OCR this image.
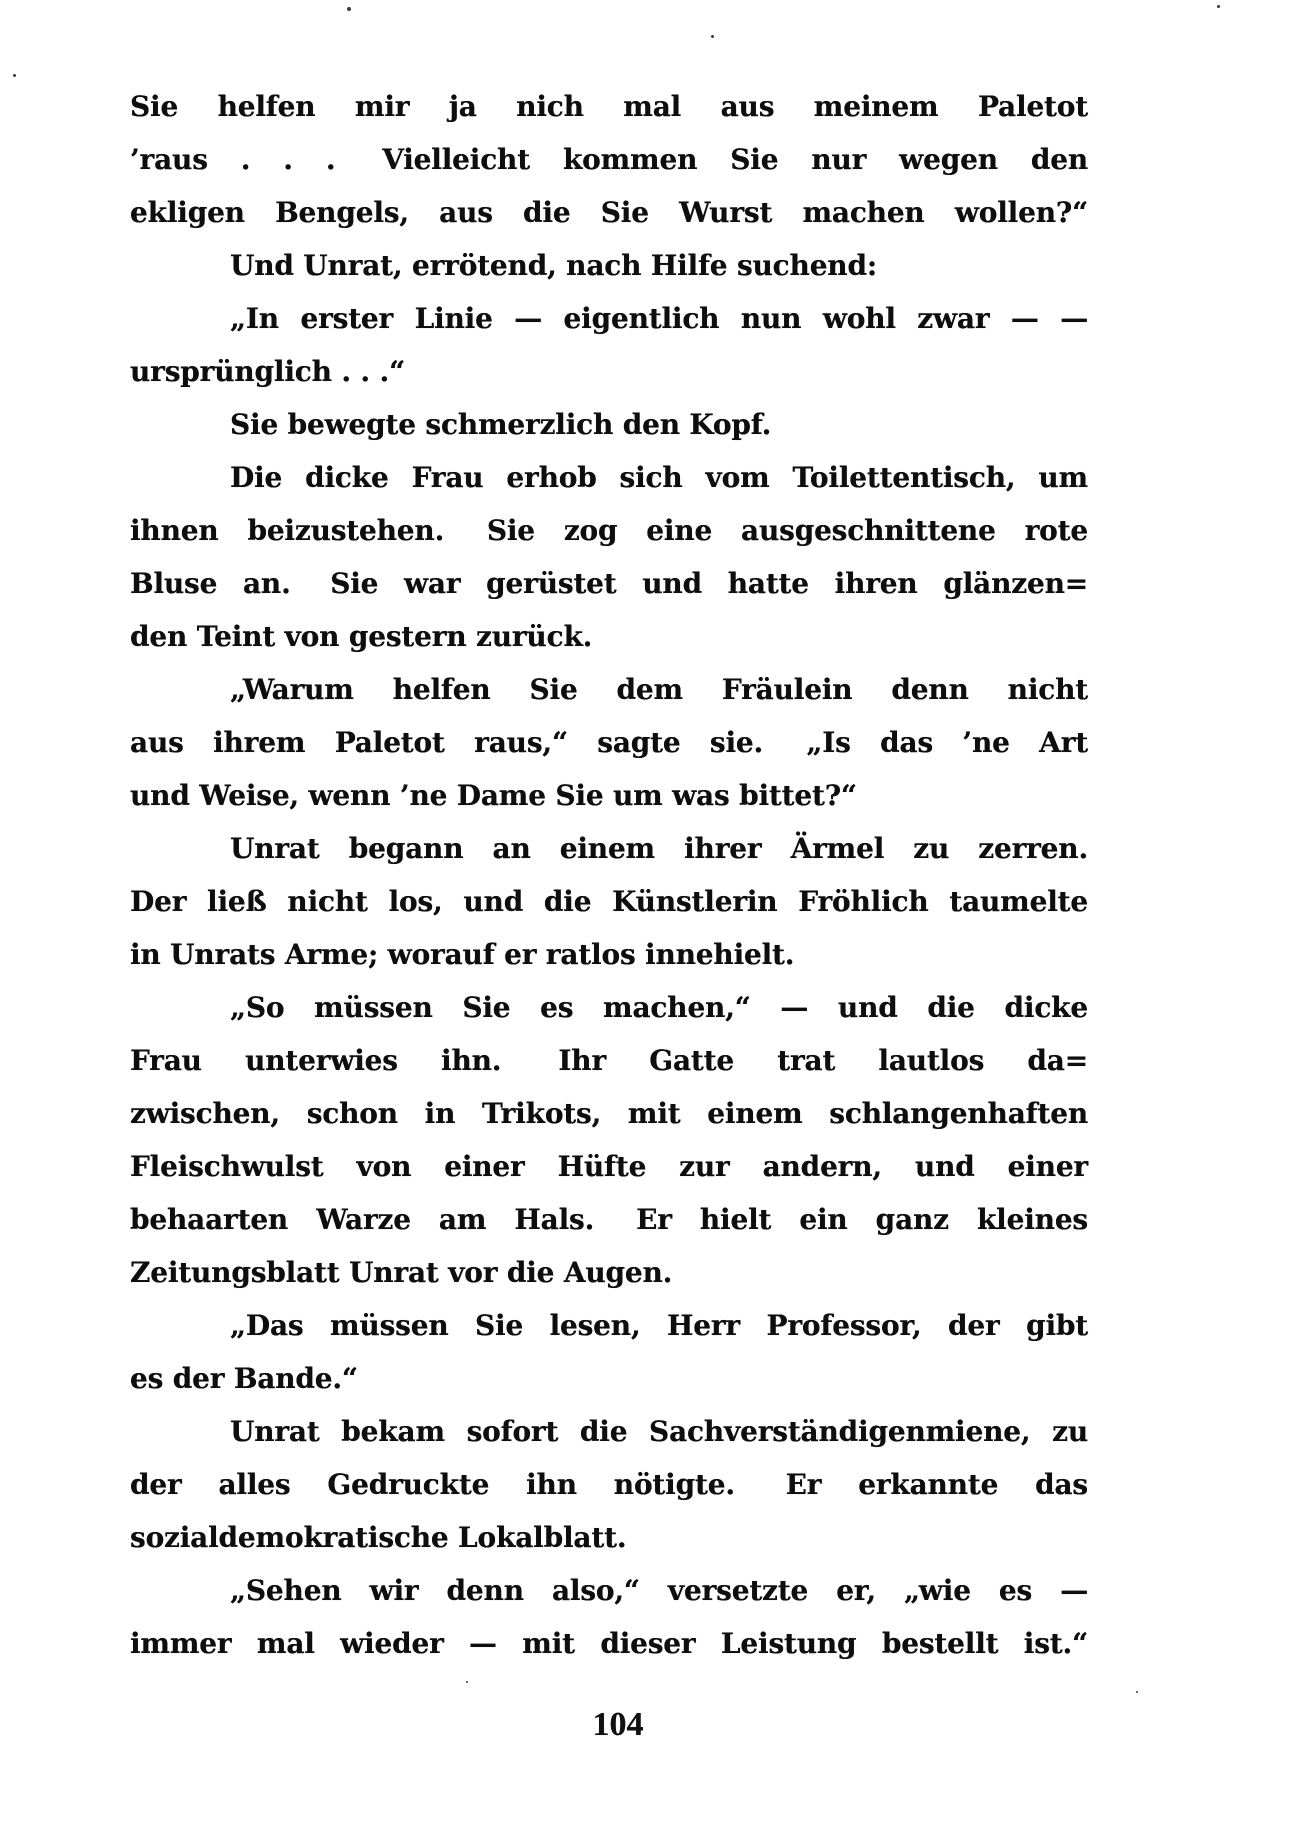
Sie helfen mir ja nich mal aus meinem Paletot
’raus . . .  Vielleicht kommen Sie nur wegen den
ekligen Bengels, aus die Sie Wurst machen wollen?“
Und Unrat, errötend, nach Hilfe suchend:
„In erster Linie — eigentlich nun wohl zwar — —
ursprünglich . . .“
Sie bewegte schmerzlich den Kopf.
Die dicke Frau erhob sich vom Toilettentisch, um
ihnen beizustehen.  Sie zog eine ausgeschnittene rote
Bluse an.  Sie war gerüstet und hatte ihren glänzen=
den Teint von gestern zurück.
„Warum helfen Sie dem Fräulein denn nicht
aus ihrem Paletot raus,“ sagte sie.  „Is das ’ne Art
und Weise, wenn ’ne Dame Sie um was bittet?“
Unrat begann an einem ihrer Ärmel zu zerren.
Der ließ nicht los, und die Künstlerin Fröhlich taumelte
in Unrats Arme; worauf er ratlos innehielt.
„So müssen Sie es machen,“ — und die dicke
Frau unterwies ihn.  Ihr Gatte trat lautlos da=
zwischen, schon in Trikots, mit einem schlangenhaften
Fleischwulst von einer Hüfte zur andern, und einer
behaarten Warze am Hals.  Er hielt ein ganz kleines
Zeitungsblatt Unrat vor die Augen.
„Das müssen Sie lesen, Herr Professor, der gibt
es der Bande.“
Unrat bekam sofort die Sachverständigenmiene, zu
der alles Gedruckte ihn nötigte.  Er erkannte das
sozialdemokratische Lokalblatt.
„Sehen wir denn also,“ versetzte er, „wie es —
immer mal wieder — mit dieser Leistung bestellt ist.“
104
